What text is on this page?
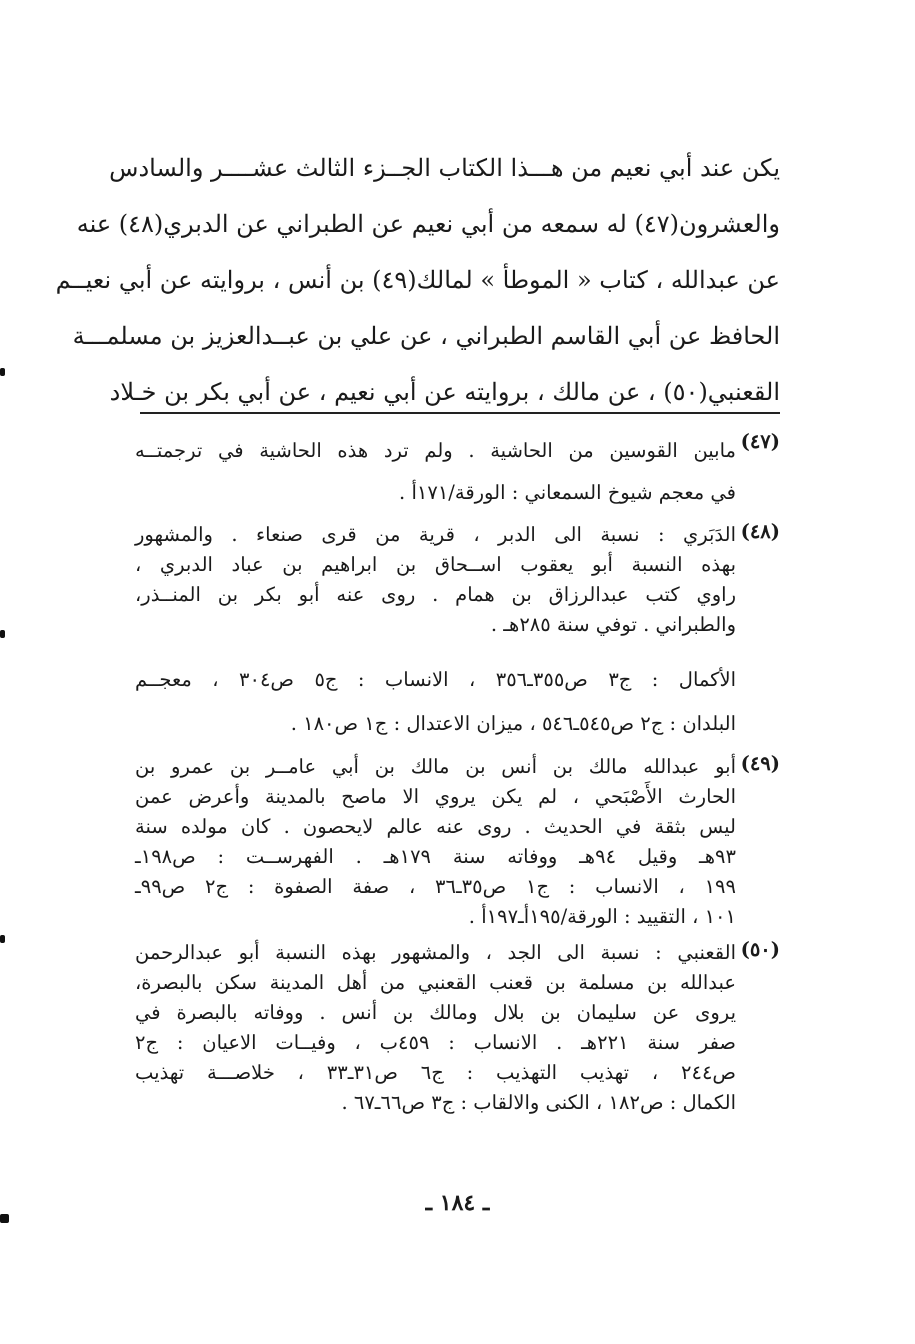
يكن عند أبي نعيم من هـــذا الكتاب الجــزء الثالث عشــــر والسادس
والعشرون(٤٧) له سمعه من أبي نعيم عن الطبراني عن الدبري(٤٨) عنه
عن عبدالله ، كتاب « الموطأ » لمالك(٤٩) بن أنس ، بروايته عن أبي نعيــم
الحافظ عن أبي القاسم الطبراني ، عن علي بن عبــدالعزيز بن مسلمـــة
القعنبي(٥٠) ، عن مالك ، بروايته عن أبي نعيم ، عن أبي بكر بن خـلاد
(٤٧)
مابين القوسين من الحاشية . ولم ترد هذه الحاشية في ترجمتــه
في معجم شيوخ السمعاني : الورقة/١٧١أ .
(٤٨)
الدَبَري : نسبة الى الدبر ، قرية من قرى صنعاء . والمشهور
بهذه النسبة أبو يعقوب اســحاق بن ابراهيم بن عباد الدبري ،
راوي كتب عبدالرزاق بن همام . روى عنه أبو بكر بن المنــذر،
والطبراني . توفي سنة ٢٨٥هـ .
الأكمال : ج٣ ص٣٥٥ـ٣٥٦ ، الانساب : ج٥ ص٣٠٤ ، معجــم
البلدان : ج٢ ص٥٤٥ـ٥٤٦ ، ميزان الاعتدال : ج١ ص١٨٠ .
(٤٩)
أبو عبدالله مالك بن أنس بن مالك بن أبي عامــر بن عمرو بن
الحارث الأَصْبَحي ، لم يكن يروي الا ماصح بالمدينة وأعرض عمن
ليس بثقة في الحديث . روى عنه عالم لايحصون . كان مولده سنة
٩٣هـ وقيل ٩٤هـ ووفاته سنة ١٧٩هـ . الفهرســت : ص١٩٨ـ
١٩٩ ، الانساب : ج١ ص٣٥ـ٣٦ ، صفة الصفوة : ج٢ ص٩٩ـ
١٠١ ، التقييد : الورقة/١٩٥أـ١٩٧أ .
(٥٠)
القعنبي : نسبة الى الجد ، والمشهور بهذه النسبة أبو عبدالرحمن
عبدالله بن مسلمة بن قعنب القعنبي من أهل المدينة سكن بالبصرة،
يروى عن سليمان بن بلال ومالك بن أنس . ووفاته بالبصرة في
صفر سنة ٢٢١هـ . الانساب : ٤٥٩ب ، وفيــات الاعيان : ج٢
ص٢٤٤ ، تهذيب التهذيب : ج٦ ص٣١ـ٣٣ ، خلاصـــة تهذيب
الكمال : ص١٨٢ ، الكنى والالقاب : ج٣ ص٦٦ـ٦٧ .
ـ ١٨٤ ـ
